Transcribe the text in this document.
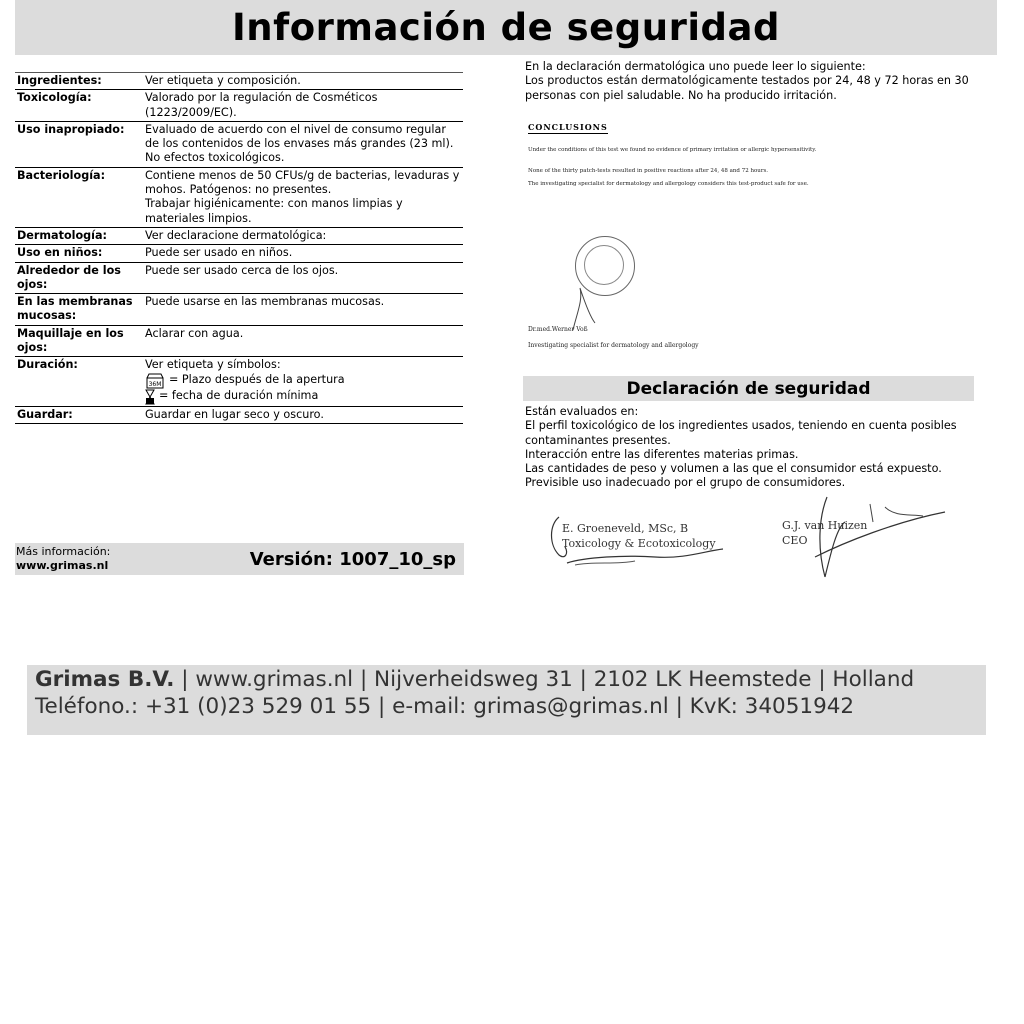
Información de seguridad
Ingredientes:	Ver etiqueta y composición.

Toxicología:	Valorado por la regulación de Cosméticos (1223/2009/EC).

Uso inapropiado:	Evaluado de acuerdo con el nivel de consumo regular de los contenidos de los envases más grandes (23 ml).
No efectos toxicológicos.

Bacteriología:	Contiene menos de 50 CFUs/g de bacterias, levaduras y mohos. Patógenos: no presentes.
Trabajar higiénicamente: con manos limpias y materiales limpios.

Dermatología:	Ver declaracione dermatológica:

Uso en niños:	Puede ser usado en niños.

Alrededor de los ojos:	Puede ser usado cerca de los ojos.

En las membranas mucosas:	Puede usarse en las membranas mucosas.

Maquillaje en los ojos:	Aclarar con agua.

Duración:	Ver etiqueta y símbolos:
36M = Plazo después de la apertura
= fecha de duración mínima

Guardar:	Guardar en lugar seco y oscuro.
Más información:
www.grimas.nl	Versión: 1007_10_sp
En la declaración dermatológica uno puede leer lo siguiente:
Los productos están dermatológicamente testados por 24, 48 y 72 horas en 30 personas con piel saludable. No ha producido irritación.
CONCLUSIONS
Under the conditions of this test we found no evidence of primary irritation or allergic hypersensitivity.
None of the thirty patch-tests resulted in positive reactions after 24, 48 and 72 hours.
The investigating specialist for dermatology and allergology considers this test-product safe for use.
Dr.med.Werner Voß
Investigating specialist for dermatology and allergology
Declaración de seguridad
Están evaluados en:
El perfil toxicológico de los ingredientes usados, teniendo en cuenta posibles contaminantes presentes.
Interacción entre las diferentes materias primas.
Las cantidades de peso y volumen a las que el consumidor está expuesto.
Previsible uso inadecuado por el grupo de consumidores.
E. Groeneveld, MSc, B
Toxicology & Ecotoxicology
G.J. van Huizen
CEO
Grimas B.V. | www.grimas.nl | Nijverheidsweg 31 | 2102 LK Heemstede | Holland
Teléfono.: +31 (0)23 529 01 55 | e-mail: grimas@grimas.nl | KvK: 34051942
